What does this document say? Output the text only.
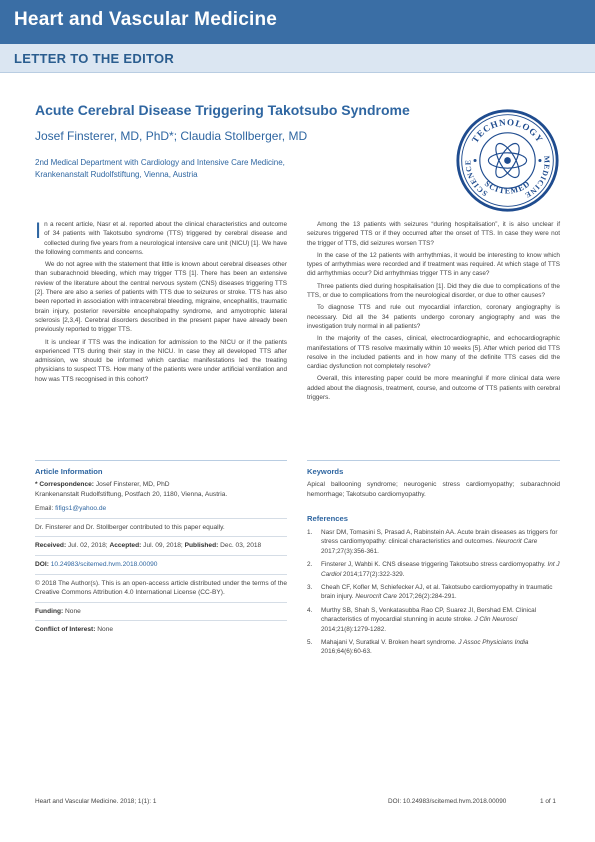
Heart and Vascular Medicine
LETTER TO THE EDITOR
Acute Cerebral Disease Triggering Takotsubo Syndrome
Josef Finsterer, MD, PhD*; Claudia Stollberger, MD
2nd Medical Department with Cardiology and Intensive Care Medicine,
Krankenanstalt Rudolfstiftung, Vienna, Austria
TECHNOLOGY
SCIENCE	MEDICINE
SCITEMED

In a recent article, Nasr et al. reported about the clinical characteristics and outcome of 34 patients with Takotsubo syndrome (TTS) triggered by cerebral disease and collected during five years from a neurological intensive care unit (NICU) [1]. We have the following comments and concerns.

We do not agree with the statement that little is known about cerebral diseases other than subarachnoid bleeding, which may trigger TTS [1]. There has been an extensive review of the literature about the central nervous system (CNS) diseases triggering TTS [2]. There are also a series of patients with TTS due to seizures or stroke. TTS has also been reported in association with intracerebral bleeding, migraine, encephalitis, traumatic brain injury, posterior reversible encephalopathy syndrome, and amyotrophic lateral sclerosis [2,3,4]. Cerebral disorders described in the present paper have already been previously reported to trigger TTS.

It is unclear if TTS was the indication for admission to the NICU or if the patients experienced TTS during their stay in the NICU. In case they all developed TTS after admission, we should be informed which cardiac manifestations led the treating physicians to suspect TTS. How many of the patients were under artificial ventilation and how was TTS recognised in this cohort?

Among the 13 patients with seizures “during hospitalisation”, it is also unclear if seizures triggered TTS or if they occurred after the onset of TTS. In case they were not the trigger of TTS, did seizures worsen TTS?

In the case of the 12 patients with arrhythmias, it would be interesting to know which types of arrhythmias were recorded and if treatment was required. At which stage of TTS did arrhythmias occur? Did arrhythmias trigger TTS in any case?

Three patients died during hospitalisation [1]. Did they die due to complications of the TTS, or due to complications from the neurological disorder, or due to other causes?

To diagnose TTS and rule out myocardial infarction, coronary angiography is necessary. Did all the 34 patients undergo coronary angiography and was the investigation truly normal in all patients?

In the majority of the cases, clinical, electrocardiographic, and echocardiographic manifestations of TTS resolve maximally within 10 weeks [5]. After which period did TTS resolve in the included patients and in how many of the definite TTS cases did the cardiac dysfunction not completely resolve?

Overall, this interesting paper could be more meaningful if more clinical data were added about the diagnosis, treatment, course, and outcome of TTS patients with cerebral triggers.

Article Information
* Correspondence: Josef Finsterer, MD, PhD
Krankenanstalt Rudolfstiftung, Postfach 20, 1180, Vienna, Austria.
Email: fifigs1@yahoo.de
Dr. Finsterer and Dr. Stollberger contributed to this paper equally.
Received: Jul. 02, 2018; Accepted: Jul. 09, 2018; Published: Dec. 03, 2018
DOI: 10.24983/scitemed.hvm.2018.00090
© 2018 The Author(s). This is an open-access article distributed under the terms of the Creative Commons Attribution 4.0 International License (CC-BY).
Funding: None
Conflict of Interest: None
Keywords
Apical ballooning syndrome; neurogenic stress cardiomyopathy; subarachnoid hemorrhage; Takotsubo cardiomyopathy.
References
1.	Nasr DM, Tomasini S, Prasad A, Rabinstein AA. Acute brain diseases as triggers for stress cardiomyopathy: clinical characteristics and outcomes. Neurocrit Care 2017;27(3):356-361.
2.	Finsterer J, Wahbi K. CNS disease triggering Takotsubo stress cardiomyopathy. Int J Cardiol 2014;177(2):322-329.
3.	Cheah CF, Kofler M, Schiefecker AJ, et al. Takotsubo cardiomyopathy in traumatic brain injury. Neurocrit Care 2017;26(2):284-291.
4.	Murthy SB, Shah S, Venkatasubba Rao CP, Suarez JI, Bershad EM. Clinical characteristics of myocardial stunning in acute stroke. J Clin Neurosci 2014;21(8):1279-1282.
5.	Mahajani V, Suratkal V. Broken heart syndrome. J Assoc Physicians India 2016;64(6):60-63.
Heart and Vascular Medicine. 2018; 1(1): 1	DOI: 10.24983/scitemed.hvm.2018.00090	1 of 1
